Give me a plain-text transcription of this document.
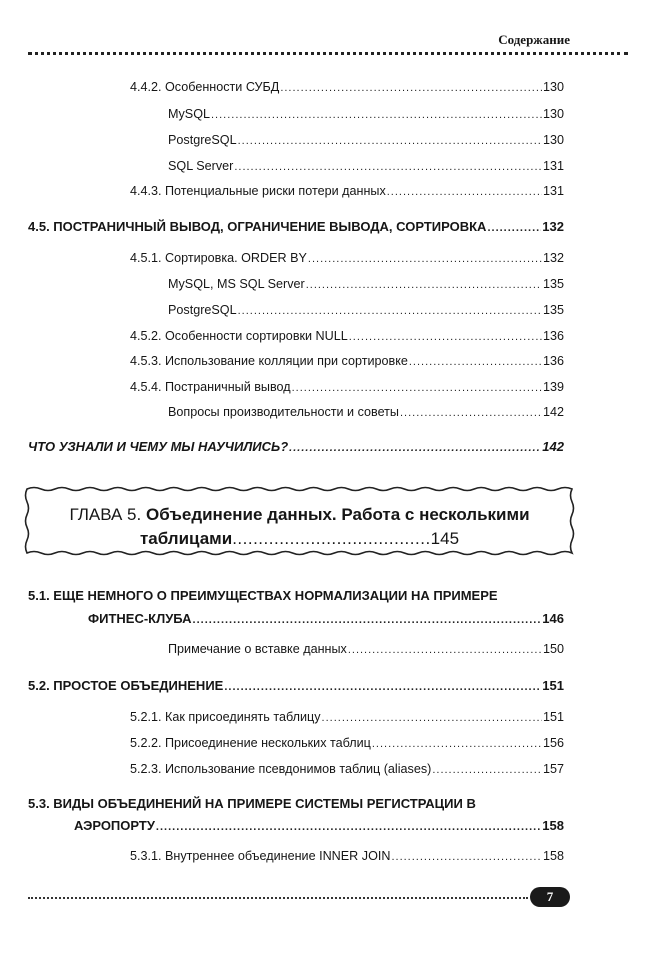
Содержание
4.4.2. Особенности СУБД .....	130
MySQL .....	130
PostgreSQL .....	130
SQL Server .....	131
4.4.3. Потенциальные риски потери данных .....	131
4.5. ПОСТРАНИЧНЫЙ ВЫВОД, ОГРАНИЧЕНИЕ ВЫВОДА, СОРТИРОВКА .....	132
4.5.1. Сортировка. ORDER BY .....	132
MySQL, MS SQL Server .....	135
PostgreSQL .....	135
4.5.2. Особенности сортировки NULL .....	136
4.5.3. Использование колляции при сортировке .....	136
4.5.4. Постраничный вывод .....	139
Вопросы производительности и советы .....	142
ЧТО УЗНАЛИ И ЧЕМУ МЫ НАУЧИЛИСЬ? .....	142
ГЛАВА 5. Объединение данных. Работа с несколькими
таблицами......................................145
5.1. ЕЩЕ НЕМНОГО О ПРЕИМУЩЕСТВАХ НОРМАЛИЗАЦИИ НА ПРИМЕРЕ
ФИТНЕС-КЛУБА .....	146
Примечание о вставке данных .....	150
5.2. ПРОСТОЕ ОБЪЕДИНЕНИЕ .....	151
5.2.1. Как присоединять таблицу .....	151
5.2.2. Присоединение нескольких таблиц .....	156
5.2.3. Использование псевдонимов таблиц (aliases) .....	157
5.3. ВИДЫ ОБЪЕДИНЕНИЙ НА ПРИМЕРЕ СИСТЕМЫ РЕГИСТРАЦИИ В
АЭРОПОРТУ .....	158
5.3.1. Внутреннее объединение INNER JOIN .....	158
7
